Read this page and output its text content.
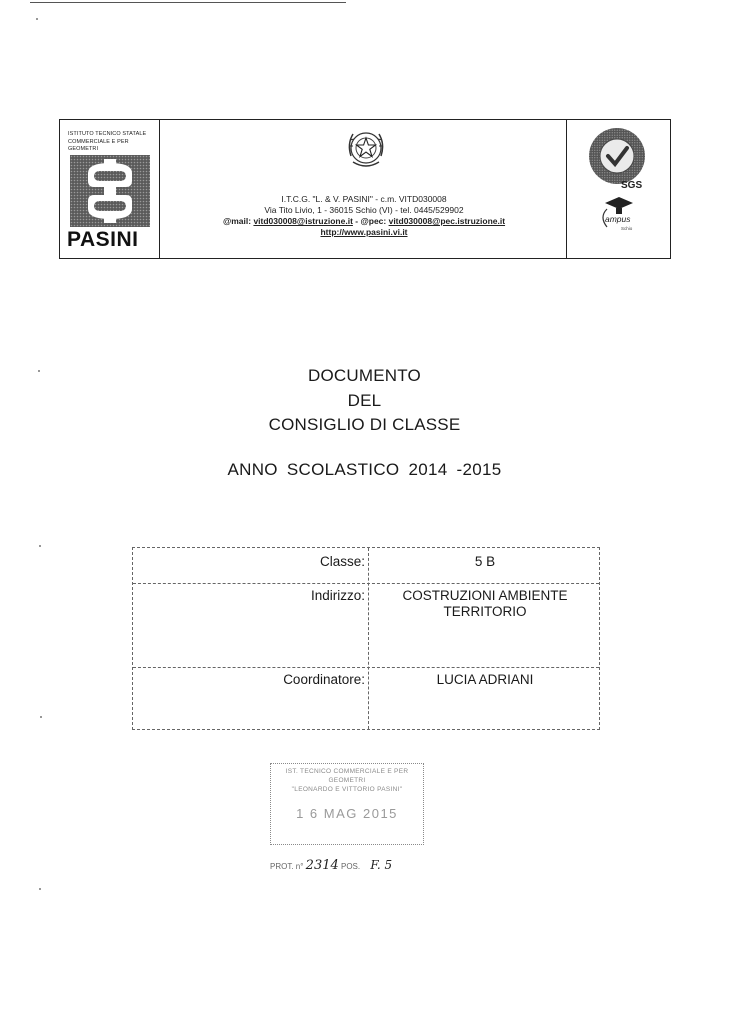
ISTITUTO TECNICO STATALE
COMMERCIALE E PER GEOMETRI
PASINI
I.T.C.G. "L. & V. PASINI" - c.m. VITD030008
Via Tito Livio, 1 - 36015 Schio (VI) - tel. 0445/529902
@mail: vitd030008@istruzione.it - @pec: vitd030008@pec.istruzione.it
http://www.pasini.vi.it
SGS
ampus
Schio
DOCUMENTO
DEL
CONSIGLIO DI CLASSE
ANNO SCOLASTICO 2014 -2015
Classe:	5 B
Indirizzo:	COSTRUZIONI AMBIENTE
TERRITORIO
Coordinatore:	LUCIA ADRIANI
IST. TECNICO COMMERCIALE E PER GEOMETRI
"LEONARDO E VITTORIO PASINI"
1 6 MAG 2015
PROT. n° 2314 POS. F. 5
